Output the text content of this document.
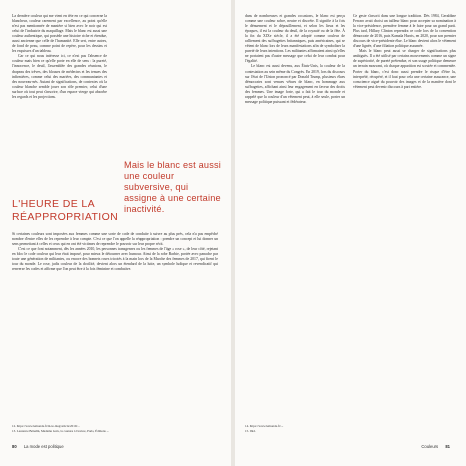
La dernière couleur qui me vient en tête en ce qui concerne la blancheur, couleur rarement par excellence, au point qu'elle n'est pas mentionnée de manière si bien avec le noir qui est celui de l'industrie du maquillage. Mais le blanc est aussi une couleur authentique, qui possède une histoire riche et étendue, aussi ancienne que celle de l'humanité. Elle sert, entre autres, de fond de peau, comme point de repère, pour les dessins et les esquisses d'un tableau.

Car ce qui nous intéresse ici, ce n'est pas l'absence de couleur mais bien ce qu'elle porte en elle de sens : la pureté, l'innocence, le deuil, l'assemblée des grandes réunions, le drapeau des trêves, des blouses de médecins et les tenues des infirmières, comme celui des mariées, des communiantes et des nouveau-nés. Autant de significations, de contextes où la couleur blanche semble jouer son rôle premier, celui d'une surface où tout peut s'inscrire, d'un espace vierge qui absorbe les regards et les projections.

Mais le blanc est aussi une couleur subversive, qui assigne à une certaine inactivité.
L'HEURE DE LA
RÉAPPROPRIATION

Si certaines couleurs sont imposées aux femmes comme une sorte de code de conduite à suivre au plus près, cela n'a pas empêché nombre d'entre elles de les reprendre à leur compte. C'est ce que l'on appelle la réappropriation : prendre un concept et lui donner un sens permettant à celles et ceux qui en ont été victimes de reprendre le pouvoir sur leur propre récit.

C'est ce que font notamment, dès les années 2010, les personnes transgenres ou les femmes de l'âge « rose », de leur côté, rejetant en bloc le code couleur qui leur était imposé, pour mieux le détourner avec humour. Ainsi de la robe Barbie, portée avec panache par toute une génération de militantes, ou encore des bonnets roses tricotés à la main lors de la Marche des femmes de 2017, qui firent le tour du monde. Le rose, jadis couleur de la docilité, devient alors un étendard de la lutte, un symbole ludique et revendicatif qui renverse les codes et affirme que l'on peut être à la fois féminine et combative.

12. https://www.lemonde.fr/m-le-mag/article/2019/...
13. Laurence Bénaïm, Madame Grès, la couture à l'œuvre, Paris, Éditions ...
80 La mode est politique

dans de nombreuses et grandes occasions, le blanc est perçu comme une couleur sobre, neutre et discrète. Il signifie à la fois le dénuement et le dépouillement, et selon les lieux et les époques, il est la couleur du deuil, de la royauté ou de la fête. À la fin du XIXe siècle, il a été adopté comme couleur de ralliement des suffragettes britanniques, puis américaines, qui se vêtent de blanc lors de leurs manifestations afin de symboliser la pureté de leurs intentions. Les militantes affirmaient ainsi qu'elles ne portaient pas d'autre message que celui de leur combat pour l'égalité.

Le blanc est aussi devenu, aux États-Unis, la couleur de la contestation au sein même du Congrès. En 2019, lors du discours sur l'état de l'Union prononcé par Donald Trump, plusieurs élues démocrates sont venues vêtues de blanc, en hommage aux suffragettes, affichant ainsi leur engagement en faveur des droits des femmes. Une image forte, qui a fait le tour du monde et rappelé que la couleur d'un vêtement peut, à elle seule, porter un message politique puissant et fédérateur.

Ce geste s'inscrit dans une longue tradition. Dès 1984, Geraldine Ferraro avait choisi un tailleur blanc pour accepter sa nomination à la vice-présidence, première femme à le faire pour un grand parti. Plus tard, Hillary Clinton reprendra ce code lors de la convention démocrate de 2016, puis Kamala Harris, en 2020, pour son premier discours de vice-présidente élue. Le blanc devient alors le vêtement d'une lignée, d'une filiation politique assumée.

Mais le blanc peut aussi se charger de significations plus ambiguës. Il a été utilisé par certains mouvements comme un signe de supériorité, de pureté prétendue, et son usage politique demeure un terrain mouvant, où chaque apparition est scrutée et commentée. Porter du blanc, c'est donc aussi prendre le risque d'être lu, interprété, récupéré, et il faut pour cela une certaine assurance, une conscience aiguë du pouvoir des images et de la manière dont le vêtement peut devenir discours à part entière.

14. https://www.lemonde.fr/...
15. Ibid.
Couleurs 81
